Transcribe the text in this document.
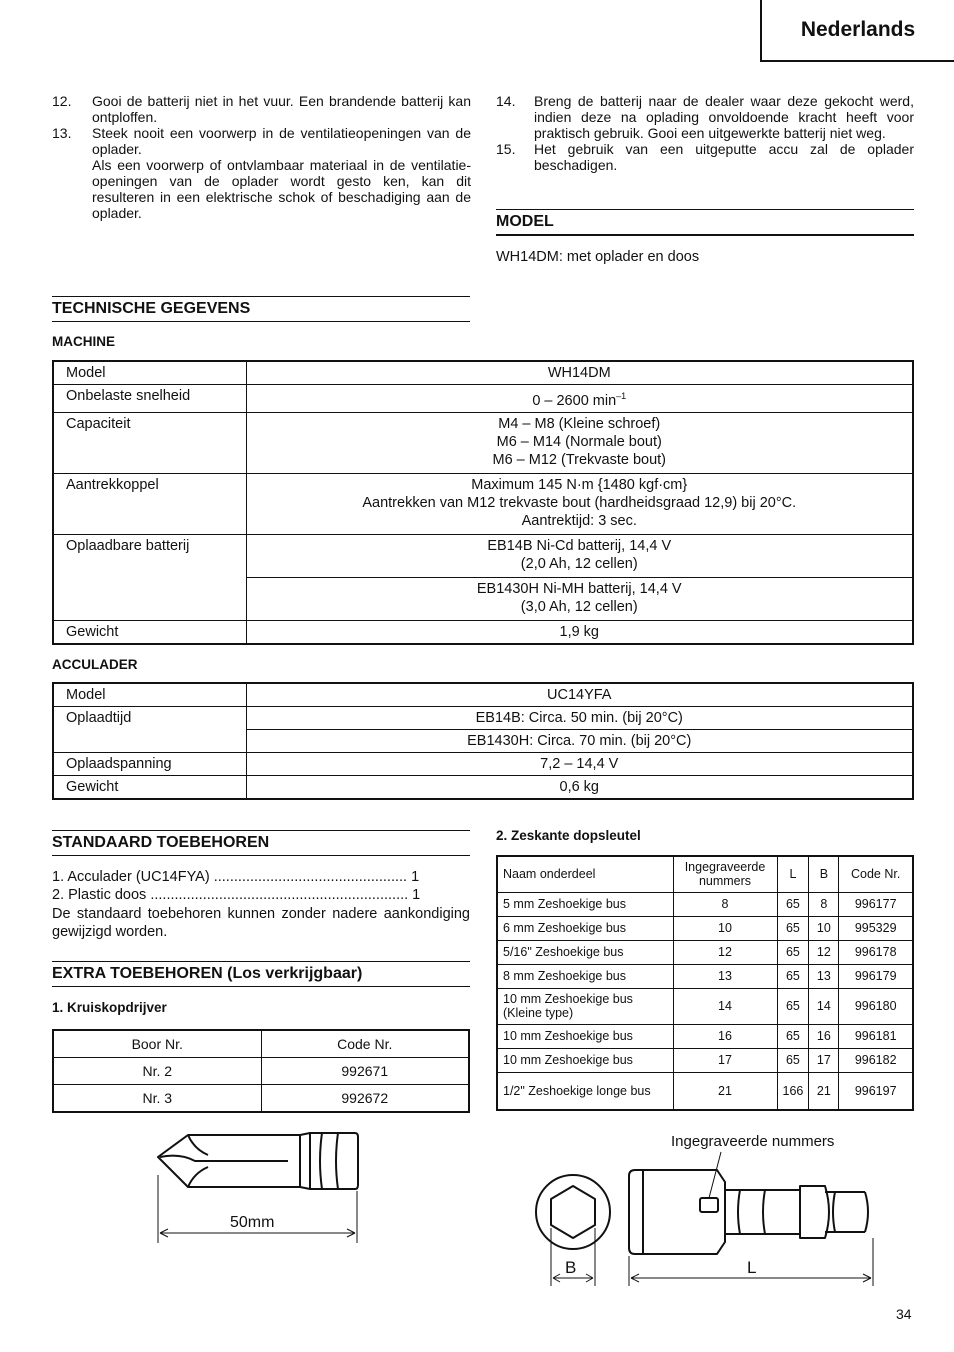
Nederlands
12.	Gooi de batterij niet in het vuur. Een brandende batterij kan ontploffen.
13.	Steek nooit een voorwerp in de ventilatieopeningen van de oplader.
Als een voorwerp of ontvlambaar materiaal in de ventilatie-openingen van de oplader wordt gesto ken, kan dit resulteren in een elektrische schok of beschadiging aan de oplader.
14.	Breng de batterij naar de dealer waar deze gekocht werd, indien deze na oplading onvoldoende kracht heeft voor praktisch gebruik. Gooi een uitgewerkte batterij niet weg.
15.	Het gebruik van een uitgeputte accu zal de oplader beschadigen.
MODEL
WH14DM: met oplader en doos
TECHNISCHE GEGEVENS
MACHINE
Model	WH14DM
Onbelaste snelheid	0 – 2600 $\min^{-1}$
Capaciteit	M4 – M8 (Kleine schroef)
M6 – M14 (Normale bout)
M6 – M12 (Trekvaste bout)

Aantrekkoppel	Maximum 145 N·m {1480 kgf·cm}
Aantrekken van M12 trekvaste bout (hardheidsgraad 12,9) bij 20°C.
Aantrektijd: 3 sec.

Oplaadbare batterij	EB14B Ni-Cd batterij, 14,4 V
(2,0 Ah, 12 cellen)

	EB1430H Ni-MH batterij, 14,4 V
(3,0 Ah, 12 cellen)

Gewicht	1,9 kg
ACCULADER
Model	UC14YFA
Oplaadtijd	EB14B: Circa. 50 min. (bij 20°C)
	EB1430H: Circa. 70 min. (bij 20°C)
Oplaadspanning	7,2 – 14,4 V
Gewicht	0,6 kg
STANDAARD TOEBEHOREN
1. Acculader (UC14FYA) ................................................ 1
2. Plastic doos ................................................................ 1
De standaard toebehoren kunnen zonder nadere aankondiging gewijzigd worden.
EXTRA TOEBEHOREN (Los verkrijgbaar)
1. Kruiskopdrijver
Boor Nr.	Code Nr.
Nr. 2	992671
Nr. 3	992672
50mm
2. Zeskante dopsleutel
Naam onderdeel	Ingegraveerde nummers	L	B	Code Nr.
5 mm Zeshoekige bus	8	65	8	996177
6 mm Zeshoekige bus	10	65	10	995329
5/16" Zeshoekige bus	12	65	12	996178
8 mm Zeshoekige bus	13	65	13	996179
10 mm Zeshoekige bus (Kleine type)	14	65	14	996180
10 mm Zeshoekige bus	16	65	16	996181
10 mm Zeshoekige bus	17	65	17	996182
1/2" Zeshoekige longe bus	21	166	21	996197
Ingegraveerde nummers
B	L
34
